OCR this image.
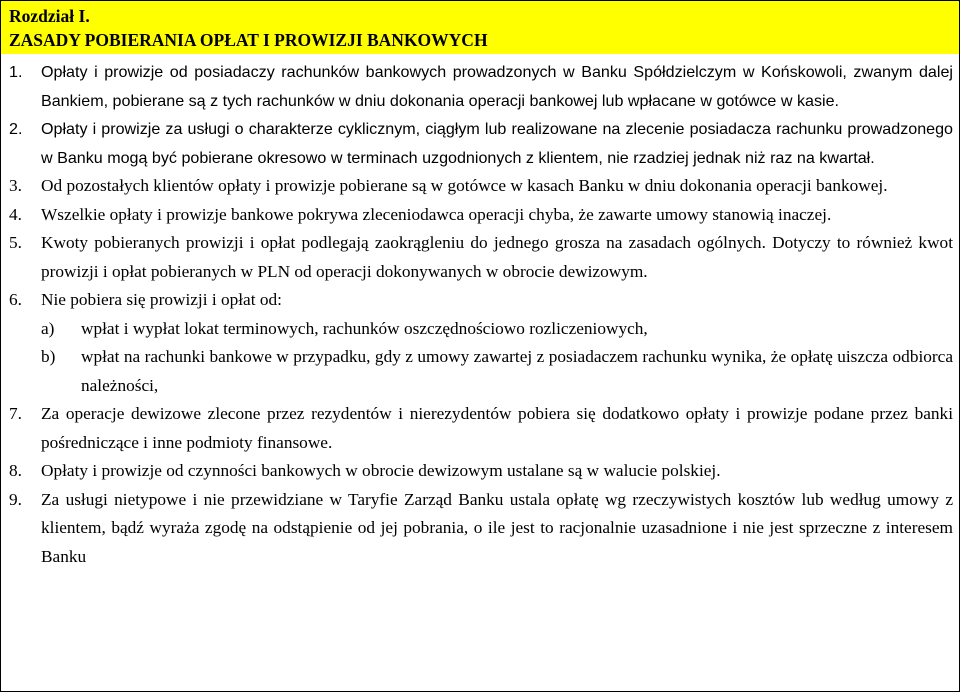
Rozdział I.
ZASADY POBIERANIA OPŁAT I PROWIZJI BANKOWYCH
1. Opłaty i prowizje od posiadaczy rachunków bankowych prowadzonych w Banku Spółdzielczym w Końskowoli, zwanym dalej Bankiem, pobierane są z tych rachunków w dniu dokonania operacji bankowej lub wpłacane w gotówce w kasie.
2. Opłaty i prowizje za usługi o charakterze cyklicznym, ciągłym lub realizowane na zlecenie posiadacza rachunku prowadzonego w Banku mogą być pobierane okresowo w terminach uzgodnionych z klientem, nie rzadziej jednak niż raz na kwartał.
3. Od pozostałych klientów opłaty i prowizje pobierane są w gotówce w kasach Banku w dniu dokonania operacji bankowej.
4. Wszelkie opłaty i prowizje bankowe pokrywa zleceniodawca operacji chyba, że zawarte umowy stanowią inaczej.
5. Kwoty pobieranych prowizji i opłat podlegają zaokrągleniu do jednego grosza na zasadach ogólnych. Dotyczy to również kwot prowizji i opłat pobieranych w PLN od operacji dokonywanych w obrocie dewizowym.
6. Nie pobiera się prowizji i opłat od:
a) wpłat i wypłat lokat terminowych, rachunków oszczędnościowo rozliczeniowych,
b) wpłat na rachunki bankowe w przypadku, gdy z umowy zawartej z posiadaczem rachunku wynika, że opłatę uiszcza odbiorca należności,
7. Za operacje dewizowe zlecone przez rezydentów i nierezydentów pobiera się dodatkowo opłaty i prowizje podane przez banki pośredniczące i inne podmioty finansowe.
8. Opłaty i prowizje od czynności bankowych w obrocie dewizowym ustalane są w walucie polskiej.
9. Za usługi nietypowe i nie przewidziane w Taryfie Zarząd Banku ustala opłatę wg rzeczywistych kosztów lub według umowy z klientem, bądź wyraża zgodę na odstąpienie od jej pobrania, o ile jest to racjonalnie uzasadnione i nie jest sprzeczne z interesem Banku
